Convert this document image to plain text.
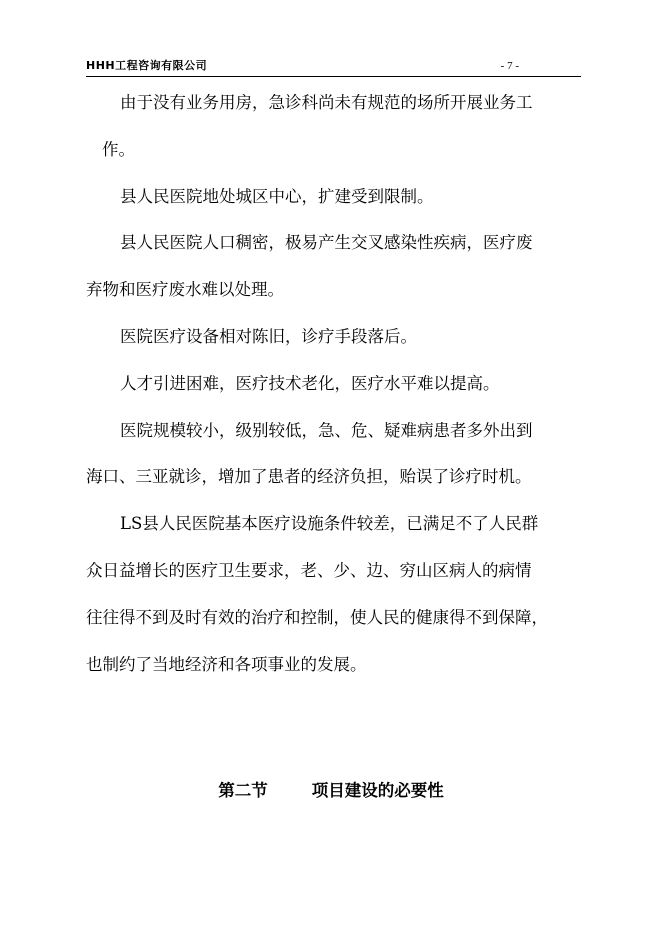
HHH工程咨询有限公司	- 7 -
由于没有业务用房，急诊科尚未有规范的场所开展业务工
作。
县人民医院地处城区中心，扩建受到限制。
县人民医院人口稠密，极易产生交叉感染性疾病，医疗废
弃物和医疗废水难以处理。
医院医疗设备相对陈旧，诊疗手段落后。
人才引进困难，医疗技术老化，医疗水平难以提高。
医院规模较小，级别较低，急、危、疑难病患者多外出到
海口、三亚就诊，增加了患者的经济负担，贻误了诊疗时机。
LS县人民医院基本医疗设施条件较差，已满足不了人民群
众日益增长的医疗卫生要求，老、少、边、穷山区病人的病情
往往得不到及时有效的治疗和控制，使人民的健康得不到保障，
也制约了当地经济和各项事业的发展。
第二节	项目建设的必要性
